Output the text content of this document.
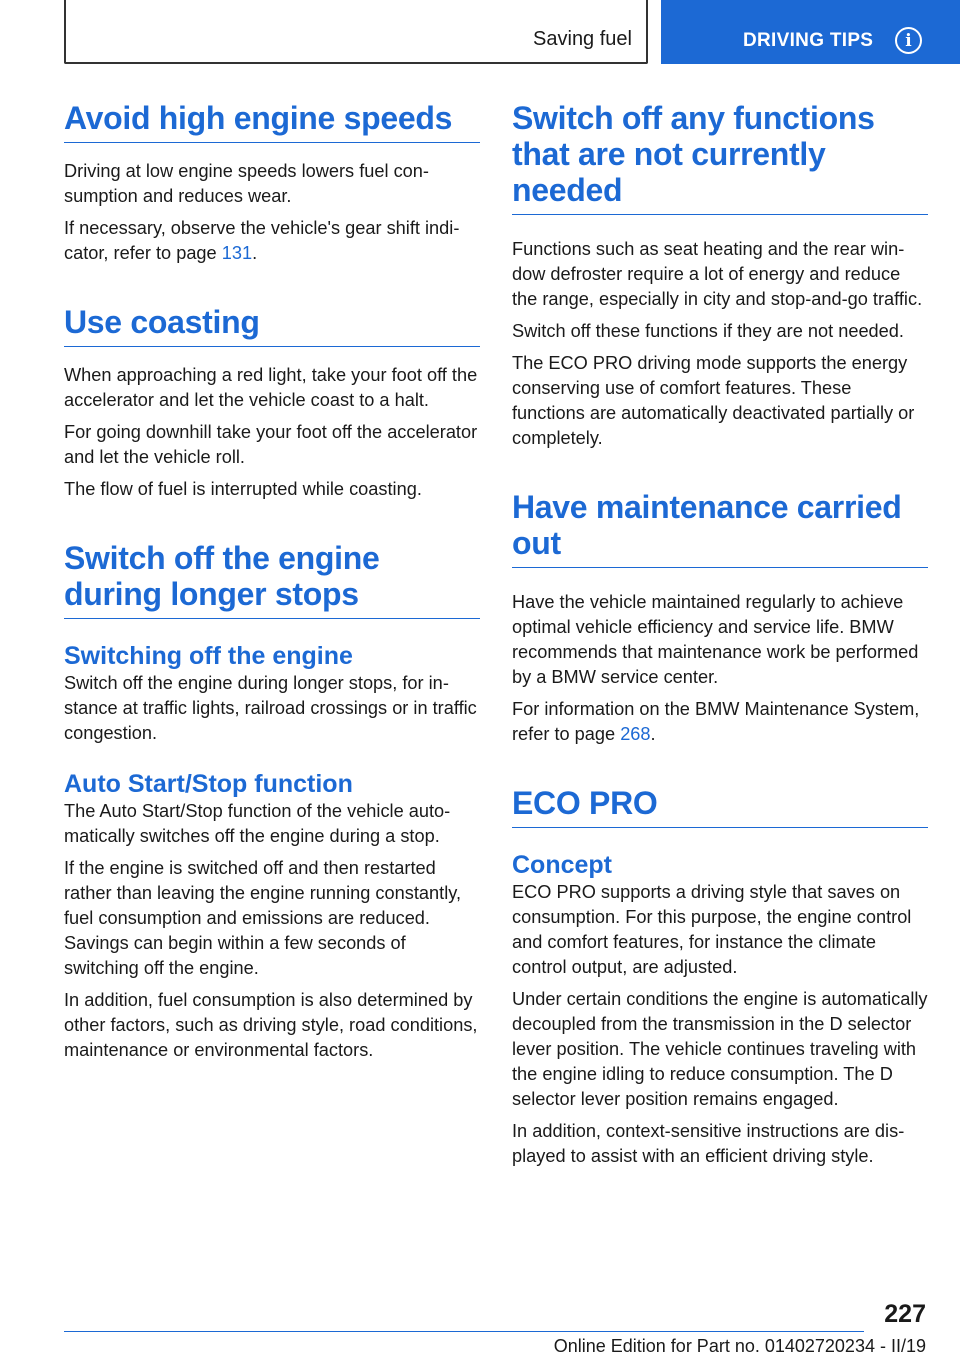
Saving fuel	DRIVING TIPS	i
Avoid high engine speeds

Driving at low engine speeds lowers fuel consumption and reduces wear.

If necessary, observe the vehicle's gear shift indicator, refer to page 131.

Use coasting

When approaching a red light, take your foot off the accelerator and let the vehicle coast to a halt.

For going downhill take your foot off the accelerator and let the vehicle roll.

The flow of fuel is interrupted while coasting.

Switch off the engine during longer stops
Switching off the engine

Switch off the engine during longer stops, for instance at traffic lights, railroad crossings or in traffic congestion.

Auto Start/Stop function

The Auto Start/Stop function of the vehicle automatically switches off the engine during a stop.

If the engine is switched off and then restarted rather than leaving the engine running constantly, fuel consumption and emissions are reduced. Savings can begin within a few seconds of switching off the engine.

In addition, fuel consumption is also determined by other factors, such as driving style, road conditions, maintenance or environmental factors.

Switch off any functions that are not currently needed

Functions such as seat heating and the rear window defroster require a lot of energy and reduce the range, especially in city and stop-and-go traffic.

Switch off these functions if they are not needed.

The ECO PRO driving mode supports the energy conserving use of comfort features. These functions are automatically deactivated partially or completely.

Have maintenance carried out

Have the vehicle maintained regularly to achieve optimal vehicle efficiency and service life. BMW recommends that maintenance work be performed by a BMW service center.

For information on the BMW Maintenance System, refer to page 268.

ECO PRO
Concept

ECO PRO supports a driving style that saves on consumption. For this purpose, the engine control and comfort features, for instance the climate control output, are adjusted.

Under certain conditions the engine is automatically decoupled from the transmission in the D selector lever position. The vehicle continues traveling with the engine idling to reduce consumption. The D selector lever position remains engaged.

In addition, context-sensitive instructions are displayed to assist with an efficient driving style.

227
Online Edition for Part no. 01402720234 - II/19
